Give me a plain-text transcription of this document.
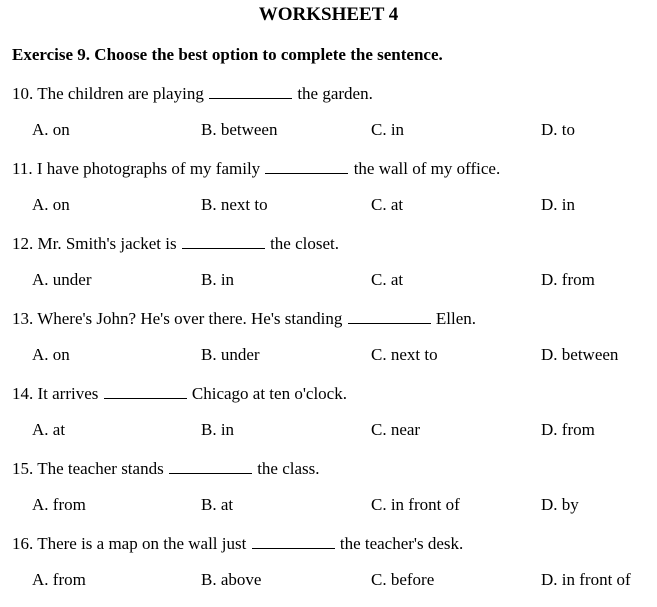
WORKSHEET 4
Exercise 9. Choose the best option to complete the sentence.
10. The children are playing	the garden.
A. on	B. between	C. in	D. to
11. I have photographs of my family	the wall of my office.
A. on	B. next to	C. at	D. in
12. Mr. Smith's jacket is	the closet.
A. under	B. in	C. at	D. from
13. Where's John? He's over there. He's standing	Ellen.
A. on	B. under	C. next to	D. between
14. It arrives	Chicago at ten o'clock.
A. at	B. in	C. near	D. from
15. The teacher stands	the class.
A. from	B. at	C. in front of	D. by
16. There is a map on the wall just	the teacher's desk.
A. from	B. above	C. before	D. in front of
